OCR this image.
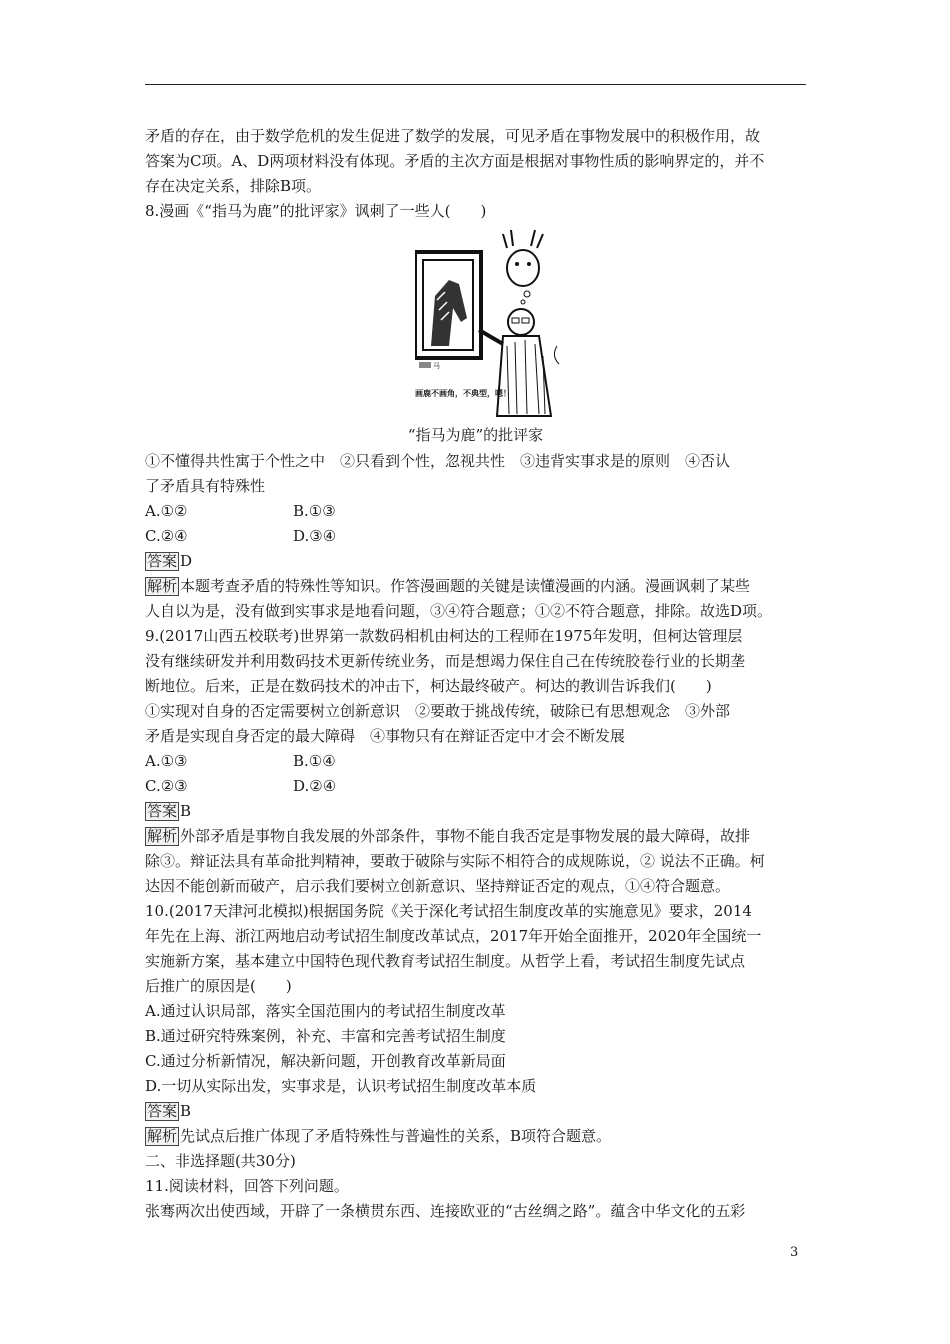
矛盾的存在，由于数学危机的发生促进了数学的发展，可见矛盾在事物发展中的积极作用，故
答案为C项。A、D两项材料没有体现。矛盾的主次方面是根据对事物性质的影响界定的，并不
存在决定关系，排除B项。
8.漫画《“指马为鹿”的批评家》讽刺了一些人(　　)
马
画鹿不画角，不典型，嗯！
“指马为鹿”的批评家
①不懂得共性寓于个性之中　②只看到个性，忽视共性　③违背实事求是的原则　④否认
了矛盾具有特殊性
A.①②	B.①③
C.②④	D.③④
答案 D
解析 本题考查矛盾的特殊性等知识。作答漫画题的关键是读懂漫画的内涵。漫画讽刺了某些
人自以为是，没有做到实事求是地看问题，③④符合题意；①②不符合题意，排除。故选D项。
9.(2017山西五校联考)世界第一款数码相机由柯达的工程师在1975年发明，但柯达管理层
没有继续研发并利用数码技术更新传统业务，而是想竭力保住自己在传统胶卷行业的长期垄
断地位。后来，正是在数码技术的冲击下，柯达最终破产。柯达的教训告诉我们(　　)
①实现对自身的否定需要树立创新意识　②要敢于挑战传统，破除已有思想观念　③外部
矛盾是实现自身否定的最大障碍　④事物只有在辩证否定中才会不断发展
A.①③	B.①④
C.②③	D.②④
答案 B
解析 外部矛盾是事物自我发展的外部条件，事物不能自我否定是事物发展的最大障碍，故排
除③。辩证法具有革命批判精神，要敢于破除与实际不相符合的成规陈说，② 说法不正确。柯
达因不能创新而破产，启示我们要树立创新意识、坚持辩证否定的观点，①④符合题意。
10.(2017天津河北模拟)根据国务院《关于深化考试招生制度改革的实施意见》要求，2014
年先在上海、浙江两地启动考试招生制度改革试点，2017年开始全面推开，2020年全国统一
实施新方案，基本建立中国特色现代教育考试招生制度。从哲学上看，考试招生制度先试点
后推广的原因是(　　)
A.通过认识局部，落实全国范围内的考试招生制度改革
B.通过研究特殊案例，补充、丰富和完善考试招生制度
C.通过分析新情况，解决新问题，开创教育改革新局面
D.一切从实际出发，实事求是，认识考试招生制度改革本质
答案 B
解析 先试点后推广体现了矛盾特殊性与普遍性的关系，B项符合题意。
二、非选择题(共30分)
11.阅读材料，回答下列问题。
张骞两次出使西域，开辟了一条横贯东西、连接欧亚的“古丝绸之路”。蕴含中华文化的五彩
3
